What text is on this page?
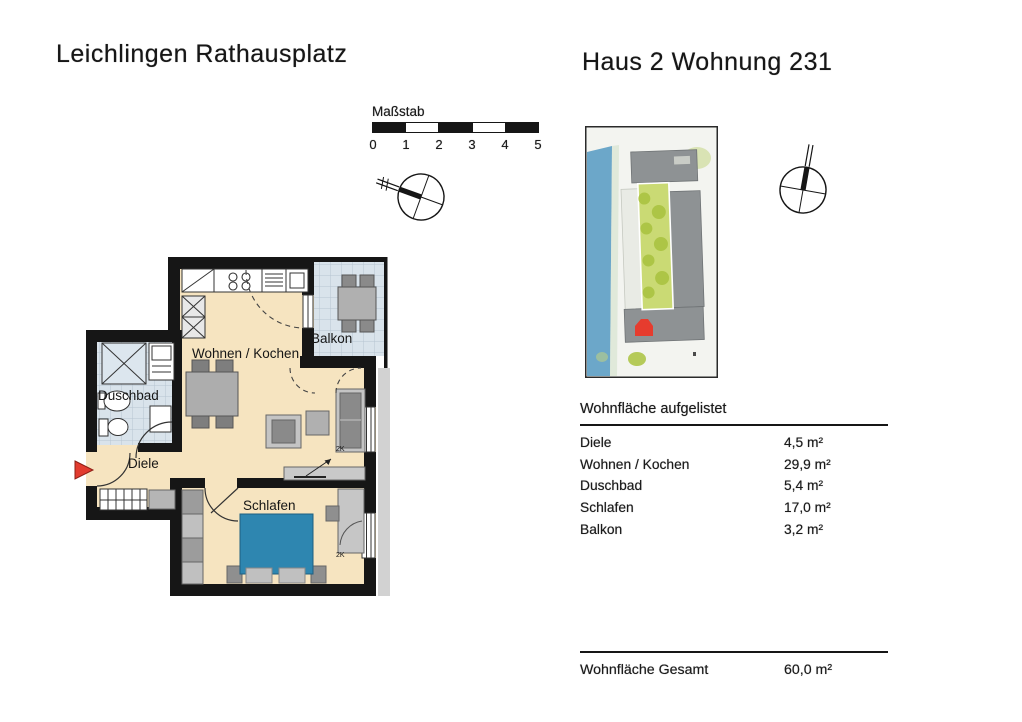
Leichlingen Rathausplatz	Haus 2 Wohnung 231
Maßstab
0	1	2	3	4	5
Wohnen / Kochen
Balkon
Duschbad
Diele
Schlafen
2K
2K
Wohnfläche aufgelistet
Diele	4,5 m²
Wohnen / Kochen	29,9 m²
Duschbad	5,4 m²
Schlafen	17,0 m²
Balkon	3,2 m²
Wohnfläche Gesamt	60,0 m²
